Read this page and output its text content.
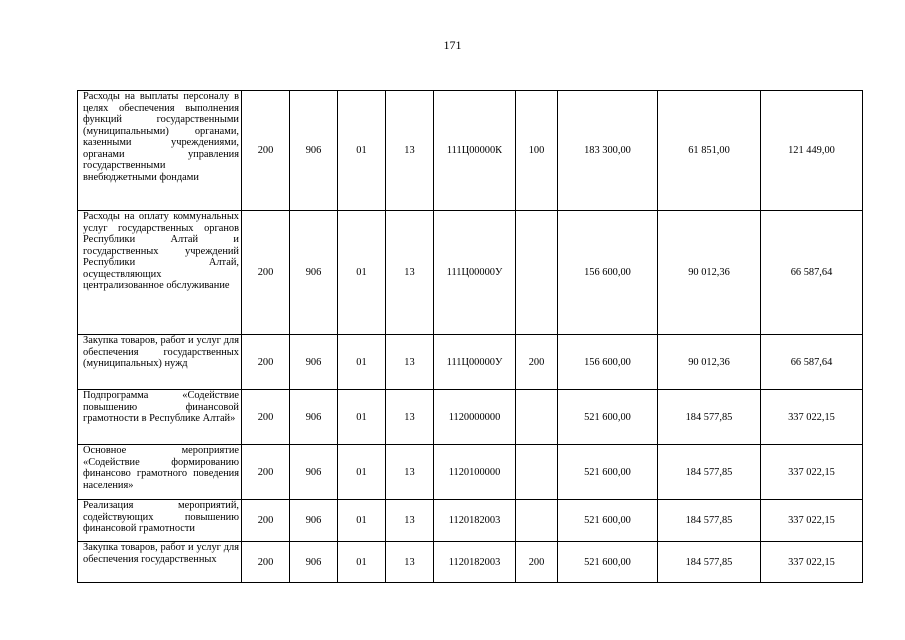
171
Расходы на выплаты персоналу в целях обеспечения выполнения функций государственными (муниципальными) органами, казенными учреждениями, органами управления государственными внебюджетными фондами	200	906	01	13	111Ц00000К	100	183 300,00	61 851,00	121 449,00
Расходы на оплату коммунальных услуг государственных органов Республики Алтай и государственных учреждений Республики Алтай, осуществляющих централизованное обслуживание	200	906	01	13	111Ц00000У		156 600,00	90 012,36	66 587,64
Закупка товаров, работ и услуг для обеспечения государственных (муниципальных) нужд	200	906	01	13	111Ц00000У	200	156 600,00	90 012,36	66 587,64
Подпрограмма «Содействие повышению финансовой грамотности в Республике Алтай»	200	906	01	13	1120000000		521 600,00	184 577,85	337 022,15
Основное мероприятие «Содействие формированию финансово грамотного поведения населения»	200	906	01	13	1120100000		521 600,00	184 577,85	337 022,15
Реализация мероприятий, содействующих повышению финансовой грамотности	200	906	01	13	1120182003		521 600,00	184 577,85	337 022,15
Закупка товаров, работ и услуг для обеспечения государственных	200	906	01	13	1120182003	200	521 600,00	184 577,85	337 022,15
